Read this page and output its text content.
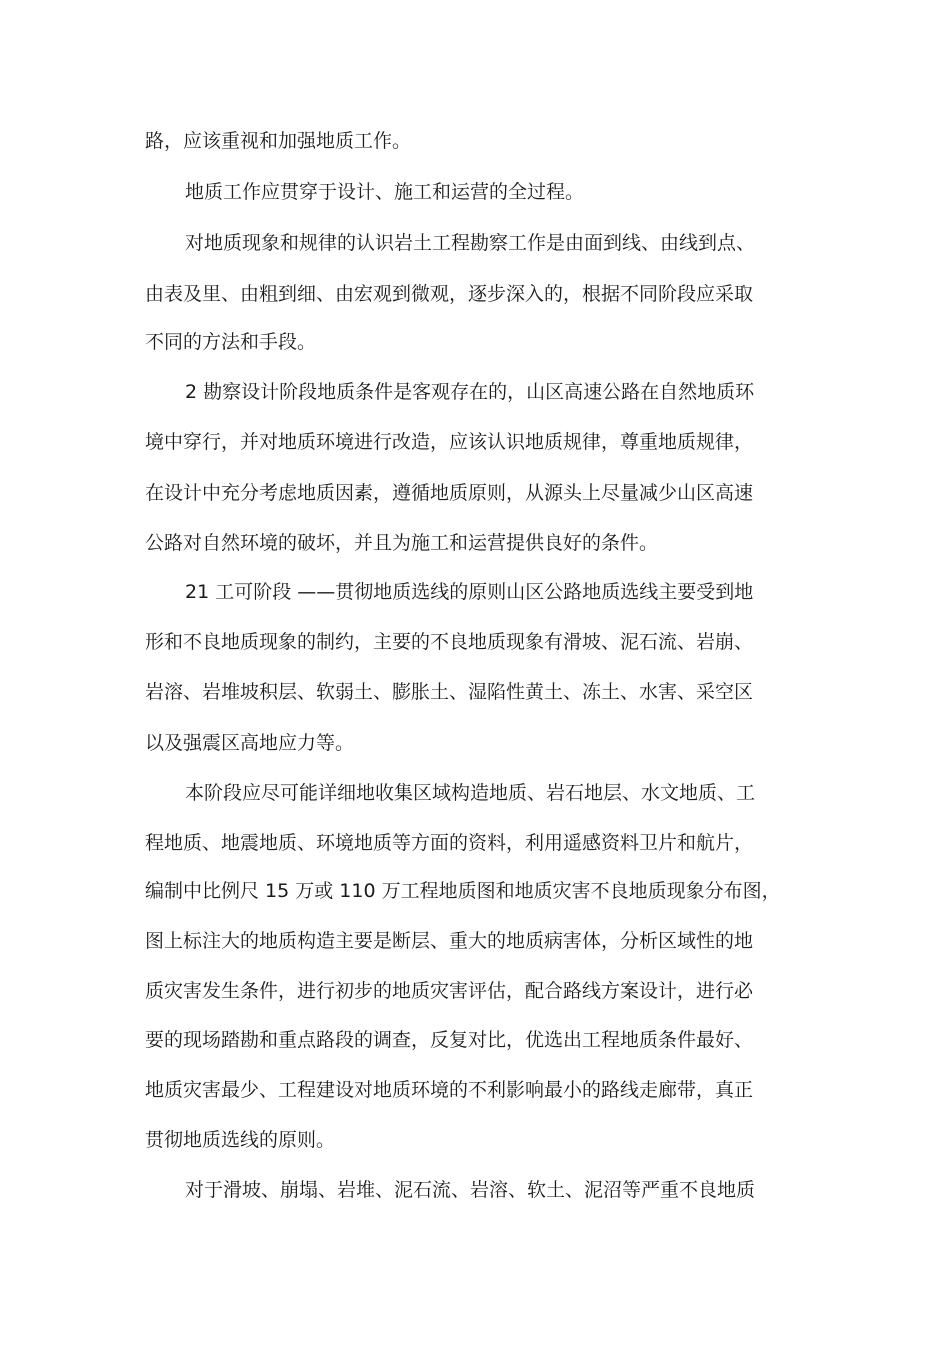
路，应该重视和加强地质工作。
地质工作应贯穿于设计、施工和运营的全过程。
对地质现象和规律的认识岩土工程勘察工作是由面到线、由线到点、
由表及里、由粗到细、由宏观到微观，逐步深入的，根据不同阶段应采取
不同的方法和手段。
2 勘察设计阶段地质条件是客观存在的，山区高速公路在自然地质环
境中穿行，并对地质环境进行改造，应该认识地质规律，尊重地质规律，
在设计中充分考虑地质因素，遵循地质原则，从源头上尽量减少山区高速
公路对自然环境的破坏，并且为施工和运营提供良好的条件。
21 工可阶段 ——贯彻地质选线的原则山区公路地质选线主要受到地
形和不良地质现象的制约，主要的不良地质现象有滑坡、泥石流、岩崩、
岩溶、岩堆坡积层、软弱土、膨胀土、湿陷性黄土、冻土、水害、采空区
以及强震区高地应力等。
本阶段应尽可能详细地收集区域构造地质、岩石地层、水文地质、工
程地质、地震地质、环境地质等方面的资料，利用遥感资料卫片和航片，
编制中比例尺 15 万或 110 万工程地质图和地质灾害不良地质现象分布图，
图上标注大的地质构造主要是断层、重大的地质病害体，分析区域性的地
质灾害发生条件，进行初步的地质灾害评估，配合路线方案设计，进行必
要的现场踏勘和重点路段的调查，反复对比，优选出工程地质条件最好、
地质灾害最少、工程建设对地质环境的不利影响最小的路线走廊带，真正
贯彻地质选线的原则。
对于滑坡、崩塌、岩堆、泥石流、岩溶、软土、泥沼等严重不良地质
